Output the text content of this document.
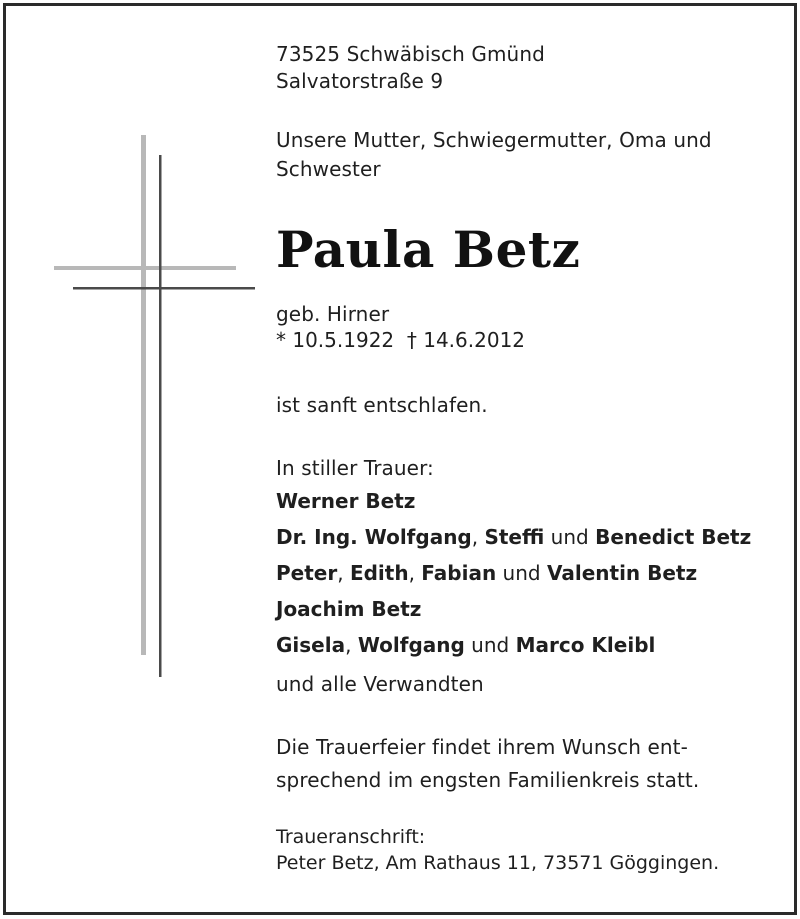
73525 Schwäbisch Gmünd

Salvatorstraße 9

Unsere Mutter, Schwiegermutter, Oma und

Schwester

Paula Betz

geb. Hirner

* 10.5.1922 † 14.6.2012

ist sanft entschlafen.

In stiller Trauer:

Werner Betz

Dr. Ing. Wolfgang, Steffi und Benedict Betz

Peter, Edith, Fabian und Valentin Betz

Joachim Betz

Gisela, Wolfgang und Marco Kleibl

und alle Verwandten

Die Trauerfeier findet ihrem Wunsch ent-

sprechend im engsten Familienkreis statt.

Traueranschrift:

Peter Betz, Am Rathaus 11, 73571 Göggingen.
